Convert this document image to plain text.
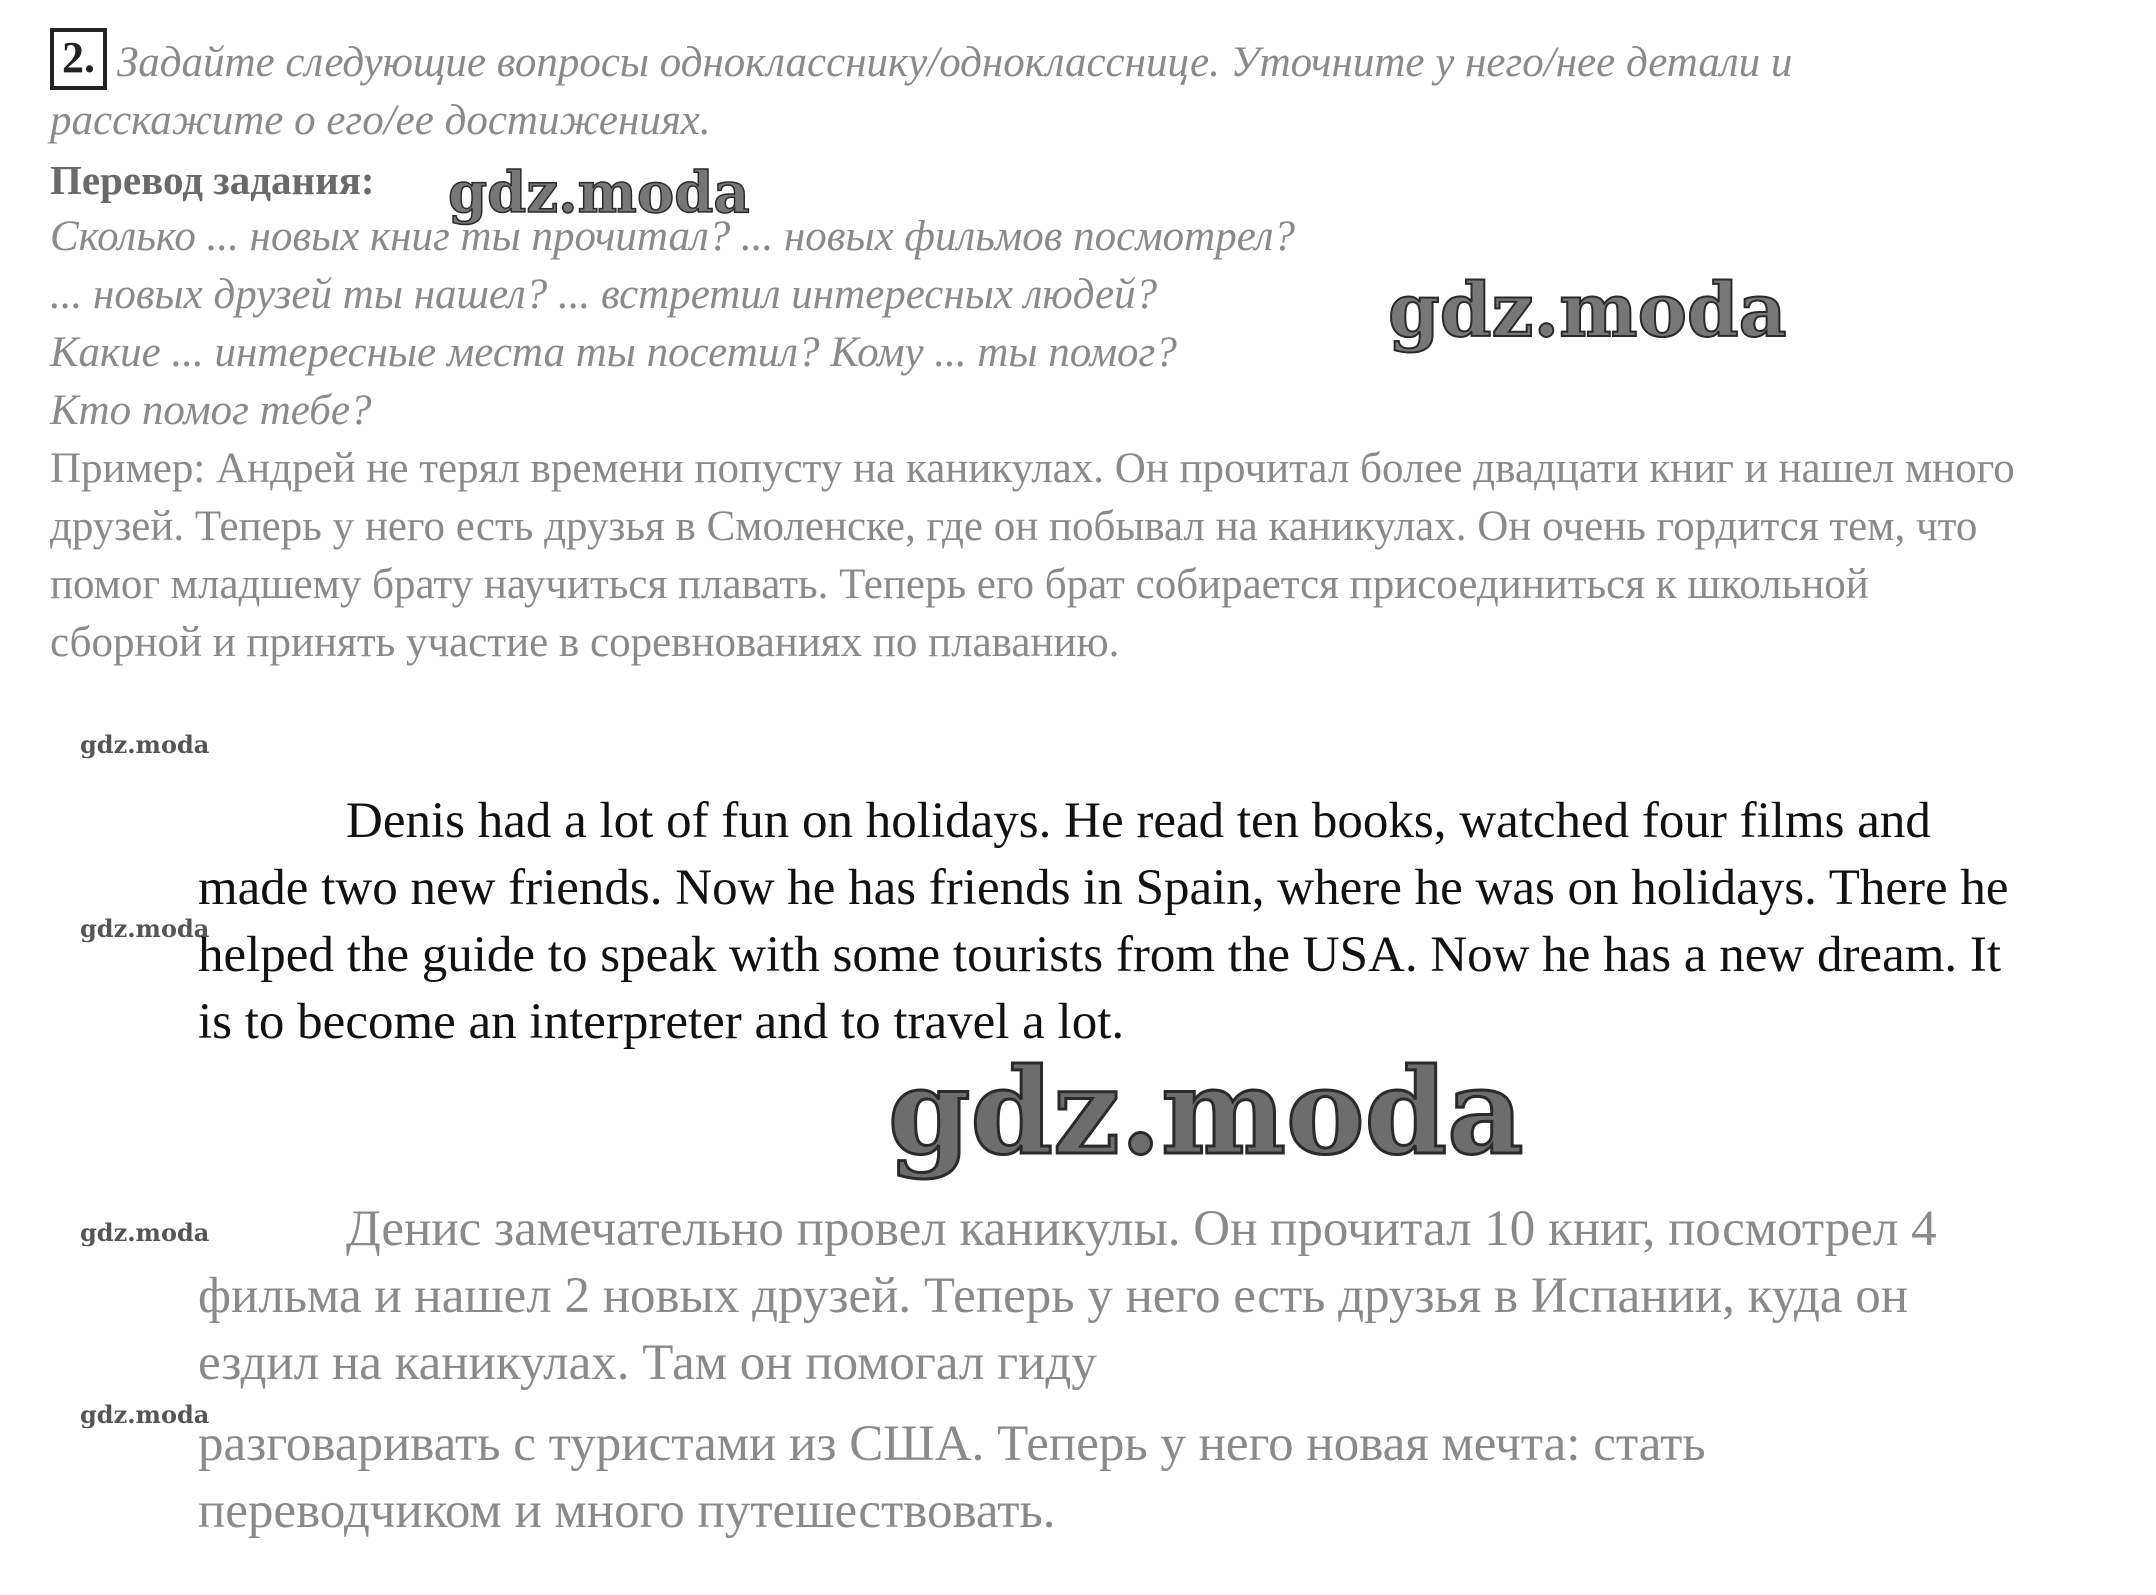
2. Задайте следующие вопросы однокласснику/однокласснице. Уточните у него/нее детали и расскажите о его/ее достижениях.
Перевод задания:
Сколько ... новых книг ты прочитал? ... новых фильмов посмотрел?
... новых друзей ты нашел? ... встретил интересных людей?
Какие ... интересные места ты посетил? Кому ... ты помог?
Кто помог тебе?
Пример: Андрей не терял времени попусту на каникулах. Он прочитал более двадцати книг и нашел много друзей. Теперь у него есть друзья в Смоленске, где он побывал на каникулах. Он очень гордится тем, что помог младшему брату научиться плавать. Теперь его брат собирается присоединиться к школьной сборной и принять участие в соревнованиях по плаванию.
Denis had a lot of fun on holidays. He read ten books, watched four films and made two new friends. Now he has friends in Spain, where he was on holidays. There he helped the guide to speak with some tourists from the USA. Now he has a new dream. It is to become an interpreter and to travel a lot.
Денис замечательно провел каникулы. Он прочитал 10 книг, посмотрел 4 фильма и нашел 2 новых друзей. Теперь у него есть друзья в Испании, куда он ездил на каникулах. Там он помогал гиду
разговаривать с туристами из США. Теперь у него новая мечта: стать переводчиком и много путешествовать.
gdz.moda
gdz.moda
gdz.moda
gdz.moda
gdz.moda
gdz.moda
gdz.moda
